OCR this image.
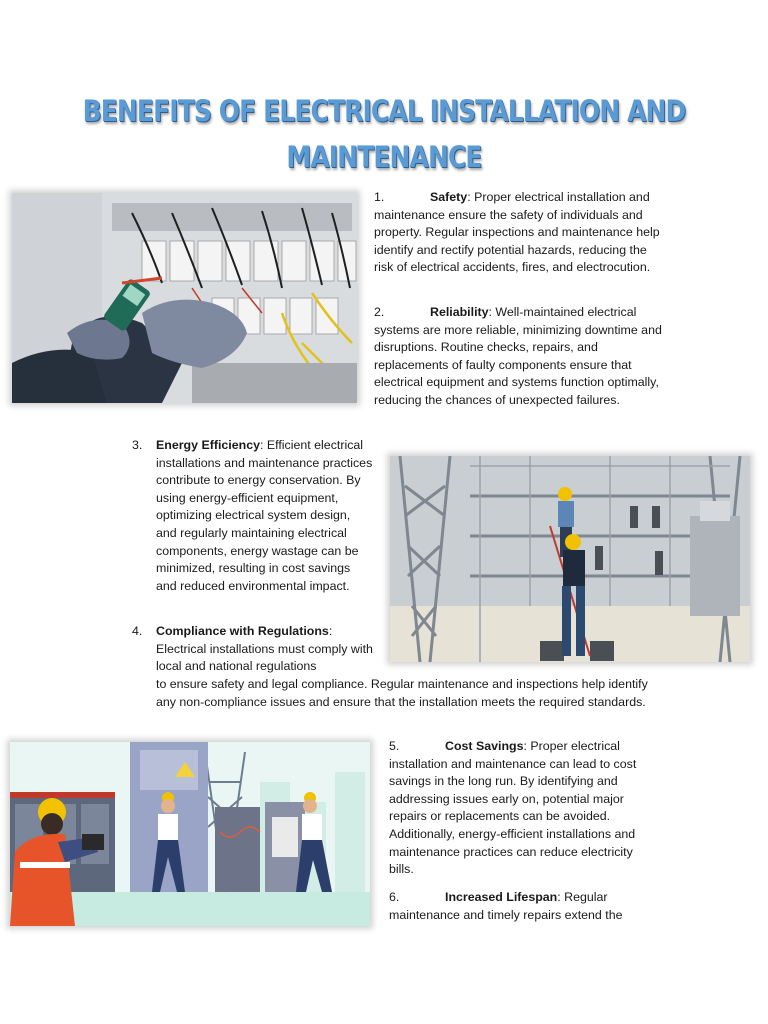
BENEFITS OF ELECTRICAL INSTALLATION AND
MAINTENANCE

1.	Safety: Proper electrical installation and maintenance ensure the safety of individuals and property. Regular inspections and maintenance help identify and rectify potential hazards, reducing the risk of electrical accidents, fires, and electrocution.

2.	Reliability: Well-maintained electrical systems are more reliable, minimizing downtime and disruptions. Routine checks, repairs, and replacements of faulty components ensure that electrical equipment and systems function optimally, reducing the chances of unexpected failures.

3. Energy Efficiency: Efficient electrical installations and maintenance practices contribute to energy conservation. By using energy-efficient equipment, optimizing electrical system design, and regularly maintaining electrical components, energy wastage can be minimized, resulting in cost savings and reduced environmental impact.

4. Compliance with Regulations: Electrical installations must comply with local and national regulations

to ensure safety and legal compliance. Regular maintenance and inspections help identify any non-compliance issues and ensure that the installation meets the required standards.

5.	Cost Savings: Proper electrical installation and maintenance can lead to cost savings in the long run. By identifying and addressing issues early on, potential major repairs or replacements can be avoided. Additionally, energy-efficient installations and maintenance practices can reduce electricity bills.

6.	Increased Lifespan: Regular maintenance and timely repairs extend the
